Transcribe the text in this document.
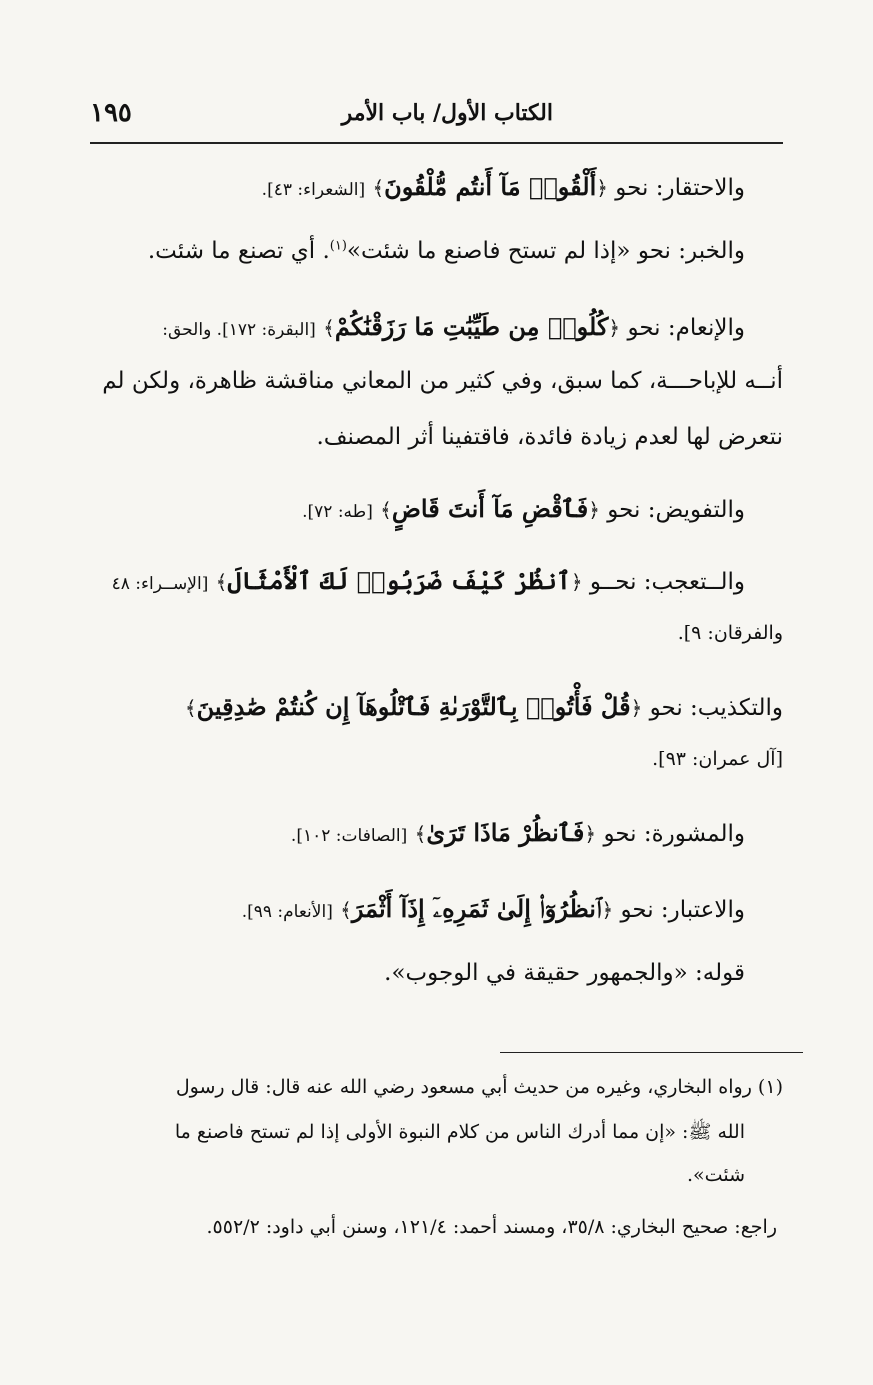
الكتاب الأول/ باب الأمر
١٩٥
والاحتقار: نحو ﴿أَلْقُوا۟ مَآ أَنتُم مُّلْقُونَ﴾ [الشعراء: ٤٣].
والخبر: نحو «إذا لم تستح فاصنع ما شئت»$^{(١)}$. أي تصنع ما شئت.
والإنعام: نحو ﴿كُلُوا۟ مِن طَيِّبَٰتِ مَا رَزَقْنَٰكُمْ﴾ [البقرة: ١٧٢]. والحق:
أنــه للإباحـــة، كما سبق، وفي كثير من المعاني مناقشة ظاهرة، ولكن لم
نتعرض لها لعدم زيادة فائدة، فاقتفينا أثر المصنف.
والتفويض: نحو ﴿فَٱقْضِ مَآ أَنتَ قَاضٍ﴾ [طه: ٧٢].
والــتعجب: نحــو ﴿ٱنظُرْ كَيْفَ ضَرَبُوا۟ لَكَ ٱلْأَمْثَالَ﴾ [الإســراء: ٤٨
والفرقان: ٩].
والتكذيب: نحو ﴿قُلْ فَأْتُوا۟ بِٱلتَّوْرَىٰةِ فَٱتْلُوهَآ إِن كُنتُمْ صَٰدِقِينَ﴾
[آل عمران: ٩٣].
والمشورة: نحو ﴿فَٱنظُرْ مَاذَا تَرَىٰ﴾ [الصافات: ١٠٢].
والاعتبار: نحو ﴿ٱنظُرُوٓا۟ إِلَىٰ ثَمَرِهِۦٓ إِذَآ أَثْمَرَ﴾ [الأنعام: ٩٩].
قوله: «والجمهور حقيقة في الوجوب».
(١) رواه البخاري، وغيره من حديث أبي مسعود رضي الله عنه قال: قال رسول
الله ﷺ: «إن مما أدرك الناس من كلام النبوة الأولى إذا لم تستح فاصنع ما
شئت».
راجع: صحيح البخاري: ٣٥/٨، ومسند أحمد: ١٢١/٤، وسنن أبي داود: ٥٥٢/٢.
